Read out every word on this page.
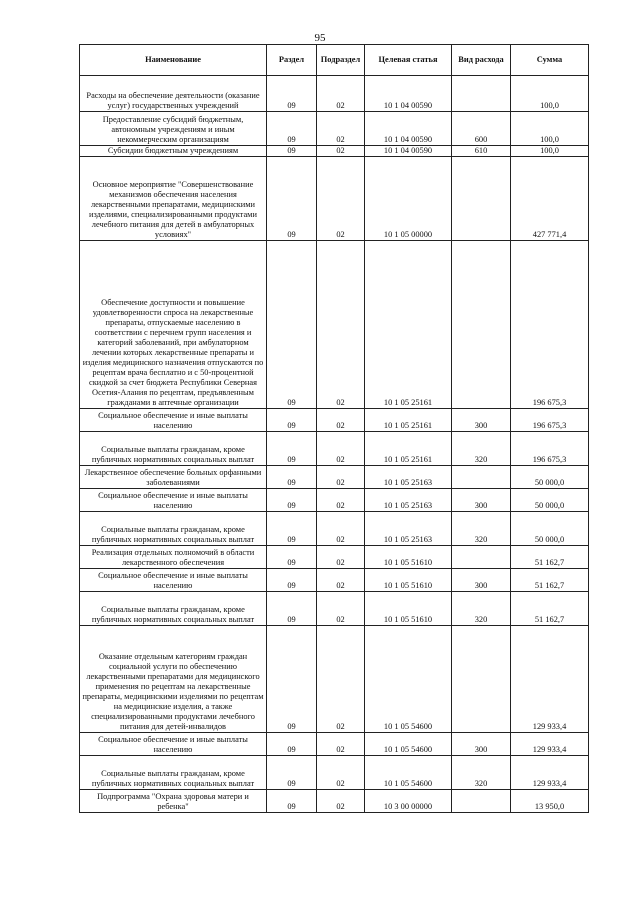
95
Наименование	Раздел	Подраздел	Целевая статья	Вид расхода	Сумма
Расходы на обеспечение деятельности (оказание услуг) государственных учреждений	09	02	10 1 04 00590		100,0
Предоставление субсидий бюджетным, автономным учреждениям и иным некоммерческим организациям	09	02	10 1 04 00590	600	100,0
Субсидии бюджетным учреждениям	09	02	10 1 04 00590	610	100,0
Основное мероприятие "Совершенствование механизмов обеспечения населения лекарственными препаратами, медицинскими изделиями, специализированными продуктами лечебного питания для детей в амбулаторных условиях"	09	02	10 1 05 00000		427 771,4
Обеспечение доступности и повышение удовлетворенности спроса на лекарственные препараты, отпускаемые населению в соответствии с перечнем групп населения и категорий заболеваний, при амбулаторном лечении которых лекарственные препараты и изделия медицинского назначения отпускаются по рецептам врача бесплатно и с 50-процентной скидкой за счет бюджета Республики Северная Осетия-Алания по рецептам, предъявленным гражданами в аптечные организации	09	02	10 1 05 25161		196 675,3
Социальное обеспечение и иные выплаты населению	09	02	10 1 05 25161	300	196 675,3
Социальные выплаты гражданам, кроме публичных нормативных социальных выплат	09	02	10 1 05 25161	320	196 675,3
Лекарственное обеспечение больных орфанными заболеваниями	09	02	10 1 05 25163		50 000,0
Социальное обеспечение и иные выплаты населению	09	02	10 1 05 25163	300	50 000,0
Социальные выплаты гражданам, кроме публичных нормативных социальных выплат	09	02	10 1 05 25163	320	50 000,0
Реализация отдельных полномочий в области лекарственного обеспечения	09	02	10 1 05 51610		51 162,7
Социальное обеспечение и иные выплаты населению	09	02	10 1 05 51610	300	51 162,7
Социальные выплаты гражданам, кроме публичных нормативных социальных выплат	09	02	10 1 05 51610	320	51 162,7
Оказание отдельным категориям граждан социальной услуги по обеспечению лекарственными препаратами для медицинского применения по рецептам на лекарственные препараты, медицинскими изделиями по рецептам на медицинские изделия, а также специализированными продуктами лечебного питания для детей-инвалидов	09	02	10 1 05 54600		129 933,4
Социальное обеспечение и иные выплаты населению	09	02	10 1 05 54600	300	129 933,4
Социальные выплаты гражданам, кроме публичных нормативных социальных выплат	09	02	10 1 05 54600	320	129 933,4
Подпрограмма "Охрана здоровья матери и ребенка"	09	02	10 3 00 00000		13 950,0
